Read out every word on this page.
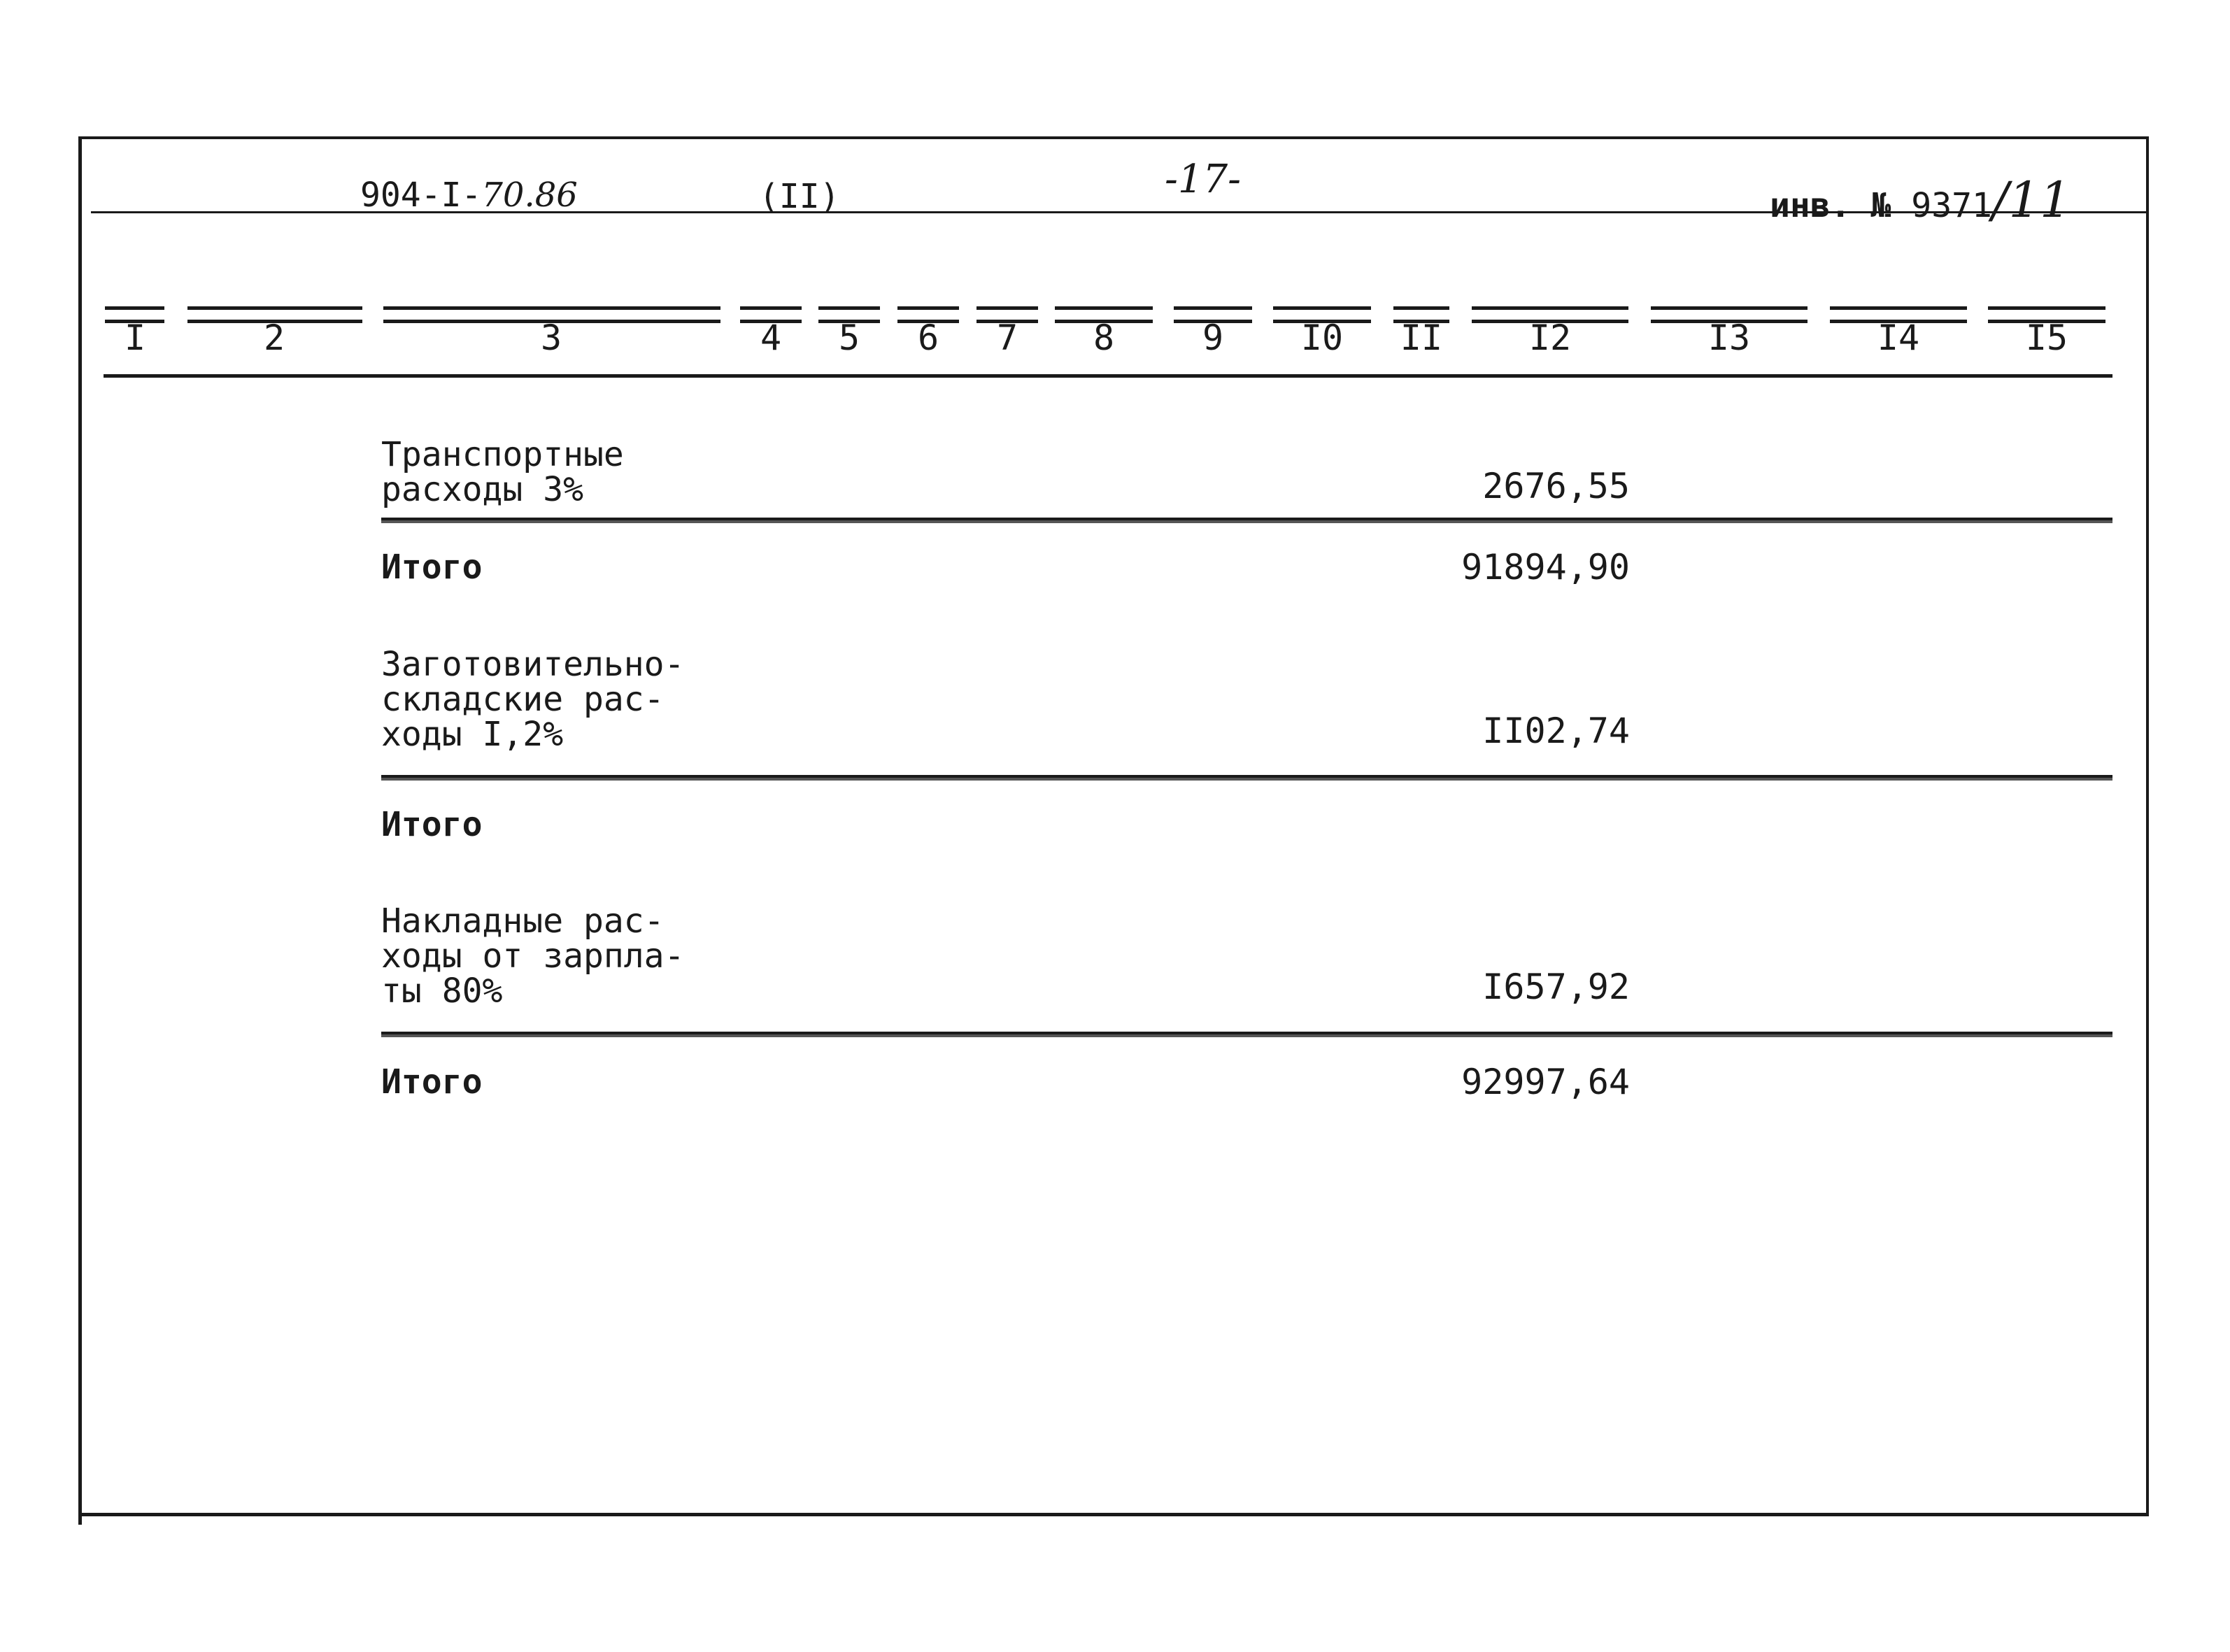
904-I-70.86	(II)	-17-
инв. № 9371/11
I	2	3	4	5	6	7	8	9	I0	II	I2	I3	I4	I5
Транспортные
расходы 3%	2676,55
Итого	91894,90
Заготовительно-
складские рас-
ходы I,2%	II02,74
Итого
Накладные рас-
ходы от зарпла-
ты 80%	I657,92
Итого	92997,64
